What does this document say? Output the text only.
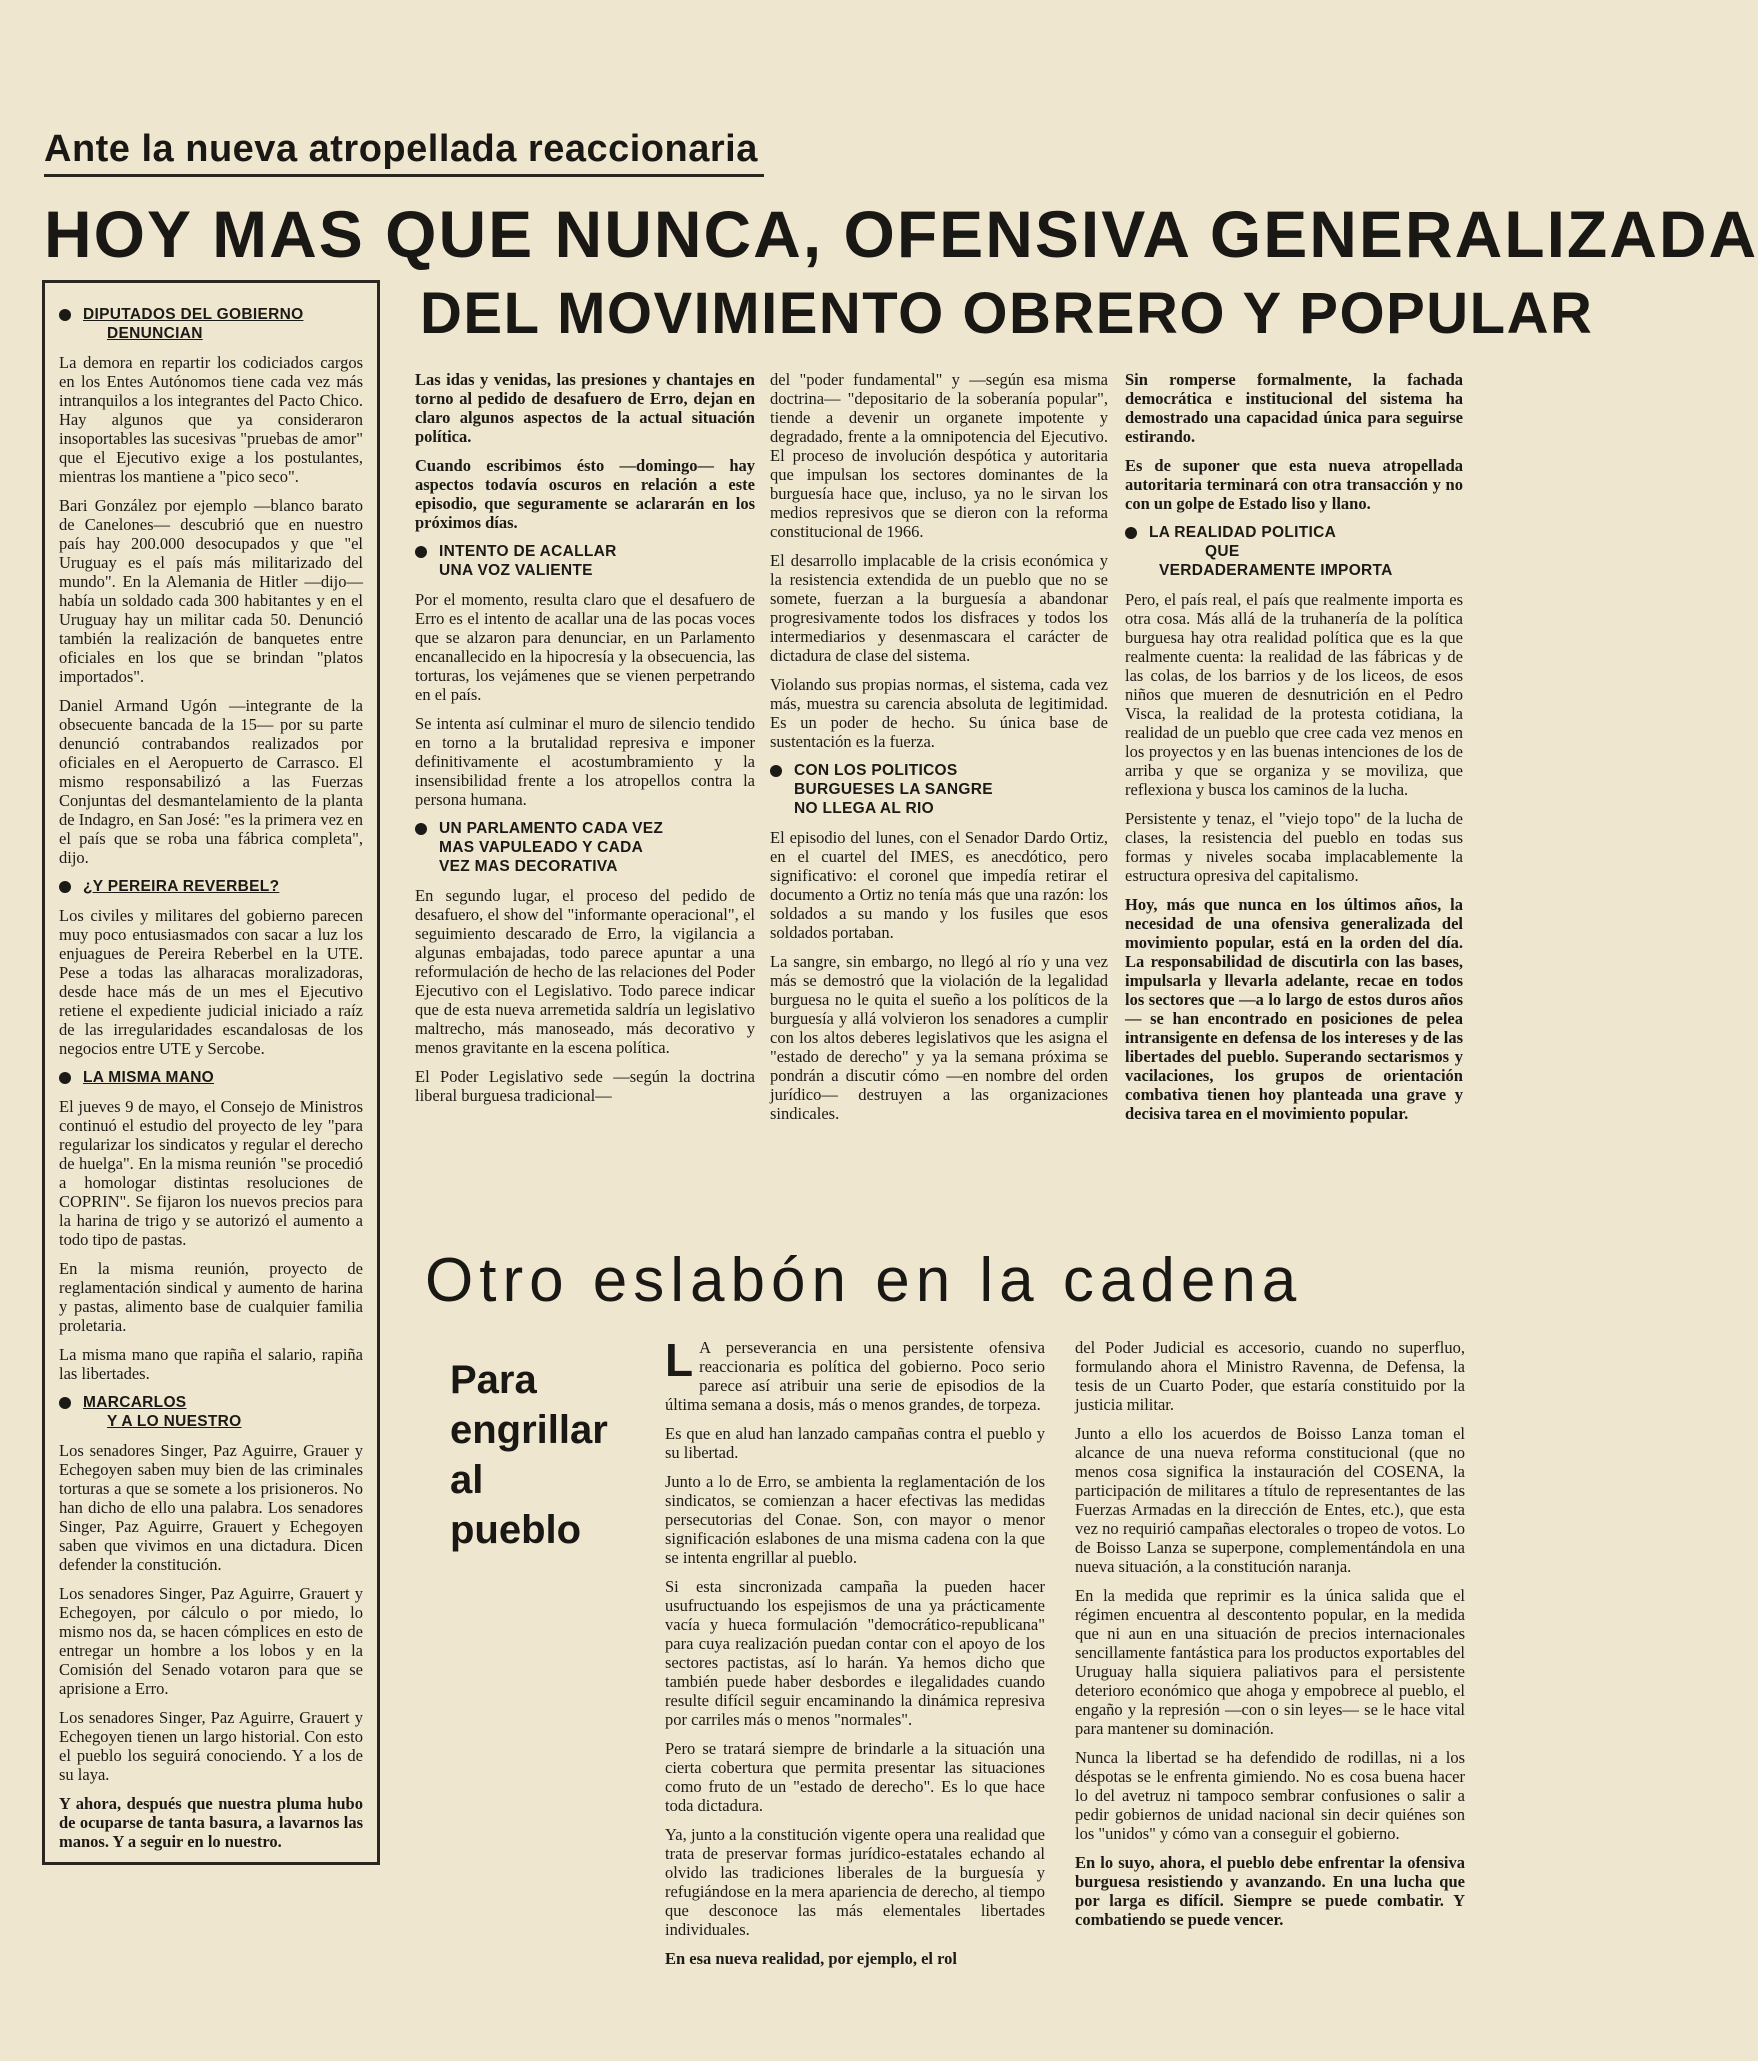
Ante la nueva atropellada reaccionaria
HOY MAS QUE NUNCA, OFENSIVA GENERALIZADA
DEL MOVIMIENTO OBRERO Y POPULAR
DIPUTADOS DEL GOBIERNO
DENUNCIAN

La demora en repartir los codiciados cargos en los Entes Autónomos tiene cada vez más intranquilos a los integrantes del Pacto Chico. Hay algunos que ya consideraron insoportables las sucesivas "pruebas de amor" que el Ejecutivo exige a los postulantes, mientras los mantiene a "pico seco".

Bari González por ejemplo —blanco barato de Canelones— descubrió que en nuestro país hay 200.000 desocupados y que "el Uruguay es el país más militarizado del mundo". En la Alemania de Hitler —dijo— había un soldado cada 300 habitantes y en el Uruguay hay un militar cada 50. Denunció también la realización de banquetes entre oficiales en los que se brindan "platos importados".

Daniel Armand Ugón —integrante de la obsecuente bancada de la 15— por su parte denunció contrabandos realizados por oficiales en el Aeropuerto de Carrasco. El mismo responsabilizó a las Fuerzas Conjuntas del desmantelamiento de la planta de Indagro, en San José: "es la primera vez en el país que se roba una fábrica completa", dijo.

¿Y PEREIRA REVERBEL?

Los civiles y militares del gobierno parecen muy poco entusiasmados con sacar a luz los enjuagues de Pereira Reberbel en la UTE. Pese a todas las alharacas moralizadoras, desde hace más de un mes el Ejecutivo retiene el expediente judicial iniciado a raíz de las irregularidades escandalosas de los negocios entre UTE y Sercobe.

LA MISMA MANO

El jueves 9 de mayo, el Consejo de Ministros continuó el estudio del proyecto de ley "para regularizar los sindicatos y regular el derecho de huelga". En la misma reunión "se procedió a homologar distintas resoluciones de COPRIN". Se fijaron los nuevos precios para la harina de trigo y se autorizó el aumento a todo tipo de pastas.

En la misma reunión, proyecto de reglamentación sindical y aumento de harina y pastas, alimento base de cualquier familia proletaria.

La misma mano que rapiña el salario, rapiña las libertades.

MARCARLOS
Y A LO NUESTRO

Los senadores Singer, Paz Aguirre, Grauer y Echegoyen saben muy bien de las criminales torturas a que se somete a los prisioneros. No han dicho de ello una palabra. Los senadores Singer, Paz Aguirre, Grauert y Echegoyen saben que vivimos en una dictadura. Dicen defender la constitución.

Los senadores Singer, Paz Aguirre, Grauert y Echegoyen, por cálculo o por miedo, lo mismo nos da, se hacen cómplices en esto de entregar un hombre a los lobos y en la Comisión del Senado votaron para que se aprisione a Erro.

Los senadores Singer, Paz Aguirre, Grauert y Echegoyen tienen un largo historial. Con esto el pueblo los seguirá conociendo. Y a los de su laya.

Y ahora, después que nuestra pluma hubo de ocuparse de tanta basura, a lavarnos las manos. Y a seguir en lo nuestro.

Las idas y venidas, las presiones y chantajes en torno al pedido de desafuero de Erro, dejan en claro algunos aspectos de la actual situación política.

Cuando escribimos ésto —domingo— hay aspectos todavía oscuros en relación a este episodio, que seguramente se aclararán en los próximos días.

INTENTO DE ACALLAR
UNA VOZ VALIENTE

Por el momento, resulta claro que el desafuero de Erro es el intento de acallar una de las pocas voces que se alzaron para denunciar, en un Parlamento encanallecido en la hipocresía y la obsecuencia, las torturas, los vejámenes que se vienen perpetrando en el país.

Se intenta así culminar el muro de silencio tendido en torno a la brutalidad represiva e imponer definitivamente el acostumbramiento y la insensibilidad frente a los atropellos contra la persona humana.

UN PARLAMENTO CADA VEZ
MAS VAPULEADO Y CADA
VEZ MAS DECORATIVA

En segundo lugar, el proceso del pedido de desafuero, el show del "informante operacional", el seguimiento descarado de Erro, la vigilancia a algunas embajadas, todo parece apuntar a una reformulación de hecho de las relaciones del Poder Ejecutivo con el Legislativo. Todo parece indicar que de esta nueva arremetida saldría un legislativo maltrecho, más manoseado, más decorativo y menos gravitante en la escena política.

El Poder Legislativo sede —según la doctrina liberal burguesa tradicional—

del "poder fundamental" y —según esa misma doctrina— "depositario de la soberanía popular", tiende a devenir un organete impotente y degradado, frente a la omnipotencia del Ejecutivo. El proceso de involución despótica y autoritaria que impulsan los sectores dominantes de la burguesía hace que, incluso, ya no le sirvan los medios represivos que se dieron con la reforma constitucional de 1966.

El desarrollo implacable de la crisis económica y la resistencia extendida de un pueblo que no se somete, fuerzan a la burguesía a abandonar progresivamente todos los disfraces y todos los intermediarios y desenmascara el carácter de dictadura de clase del sistema.

Violando sus propias normas, el sistema, cada vez más, muestra su carencia absoluta de legitimidad. Es un poder de hecho. Su única base de sustentación es la fuerza.

CON LOS POLITICOS
BURGUESES LA SANGRE
NO LLEGA AL RIO

El episodio del lunes, con el Senador Dardo Ortiz, en el cuartel del IMES, es anecdótico, pero significativo: el coronel que impedía retirar el documento a Ortiz no tenía más que una razón: los soldados a su mando y los fusiles que esos soldados portaban.

La sangre, sin embargo, no llegó al río y una vez más se demostró que la violación de la legalidad burguesa no le quita el sueño a los políticos de la burguesía y allá volvieron los senadores a cumplir con los altos deberes legislativos que les asigna el "estado de derecho" y ya la semana próxima se pondrán a discutir cómo —en nombre del orden jurídico— destruyen a las organizaciones sindicales.

Sin romperse formalmente, la fachada democrática e institucional del sistema ha demostrado una capacidad única para seguirse estirando.

Es de suponer que esta nueva atropellada autoritaria terminará con otra transacción y no con un golpe de Estado liso y llano.

LA REALIDAD POLITICA
QUE
VERDADERAMENTE IMPORTA

Pero, el país real, el país que realmente importa es otra cosa. Más allá de la truhanería de la política burguesa hay otra realidad política que es la que realmente cuenta: la realidad de las fábricas y de las colas, de los barrios y de los liceos, de esos niños que mueren de desnutrición en el Pedro Visca, la realidad de la protesta cotidiana, la realidad de un pueblo que cree cada vez menos en los proyectos y en las buenas intenciones de los de arriba y que se organiza y se moviliza, que reflexiona y busca los caminos de la lucha.

Persistente y tenaz, el "viejo topo" de la lucha de clases, la resistencia del pueblo en todas sus formas y niveles socaba implacablemente la estructura opresiva del capitalismo.

Hoy, más que nunca en los últimos años, la necesidad de una ofensiva generalizada del movimiento popular, está en la orden del día. La responsabilidad de discutirla con las bases, impulsarla y llevarla adelante, recae en todos los sectores que —a lo largo de estos duros años— se han encontrado en posiciones de pelea intransigente en defensa de los intereses y de las libertades del pueblo. Superando sectarismos y vacilaciones, los grupos de orientación combativa tienen hoy planteada una grave y decisiva tarea en el movimiento popular.

Otro eslabón en la cadena
Para
engrillar
al
pueblo

L A perseverancia en una persistente ofensiva reaccionaria es política del gobierno. Poco serio parece así atribuir una serie de episodios de la última semana a dosis, más o menos grandes, de torpeza.

Es que en alud han lanzado campañas contra el pueblo y su libertad.

Junto a lo de Erro, se ambienta la reglamentación de los sindicatos, se comienzan a hacer efectivas las medidas persecutorias del Conae. Son, con mayor o menor significación eslabones de una misma cadena con la que se intenta engrillar al pueblo.

Si esta sincronizada campaña la pueden hacer usufructuando los espejismos de una ya prácticamente vacía y hueca formulación "democrático-republicana" para cuya realización puedan contar con el apoyo de los sectores pactistas, así lo harán. Ya hemos dicho que también puede haber desbordes e ilegalidades cuando resulte difícil seguir encaminando la dinámica represiva por carriles más o menos "normales".

Pero se tratará siempre de brindarle a la situación una cierta cobertura que permita presentar las situaciones como fruto de un "estado de derecho". Es lo que hace toda dictadura.

Ya, junto a la constitución vigente opera una realidad que trata de preservar formas jurídico-estatales echando al olvido las tradiciones liberales de la burguesía y refugiándose en la mera apariencia de derecho, al tiempo que desconoce las más elementales libertades individuales.

En esa nueva realidad, por ejemplo, el rol

del Poder Judicial es accesorio, cuando no superfluo, formulando ahora el Ministro Ravenna, de Defensa, la tesis de un Cuarto Poder, que estaría constituido por la justicia militar.

Junto a ello los acuerdos de Boisso Lanza toman el alcance de una nueva reforma constitucional (que no menos cosa significa la instauración del COSENA, la participación de militares a título de representantes de las Fuerzas Armadas en la dirección de Entes, etc.), que esta vez no requirió campañas electorales o tropeo de votos. Lo de Boisso Lanza se superpone, complementándola en una nueva situación, a la constitución naranja.

En la medida que reprimir es la única salida que el régimen encuentra al descontento popular, en la medida que ni aun en una situación de precios internacionales sencillamente fantástica para los productos exportables del Uruguay halla siquiera paliativos para el persistente deterioro económico que ahoga y empobrece al pueblo, el engaño y la represión —con o sin leyes— se le hace vital para mantener su dominación.

Nunca la libertad se ha defendido de rodillas, ni a los déspotas se le enfrenta gimiendo. No es cosa buena hacer lo del avetruz ni tampoco sembrar confusiones o salir a pedir gobiernos de unidad nacional sin decir quiénes son los "unidos" y cómo van a conseguir el gobierno.

En lo suyo, ahora, el pueblo debe enfrentar la ofensiva burguesa resistiendo y avanzando. En una lucha que por larga es difícil. Siempre se puede combatir. Y combatiendo se puede vencer.
